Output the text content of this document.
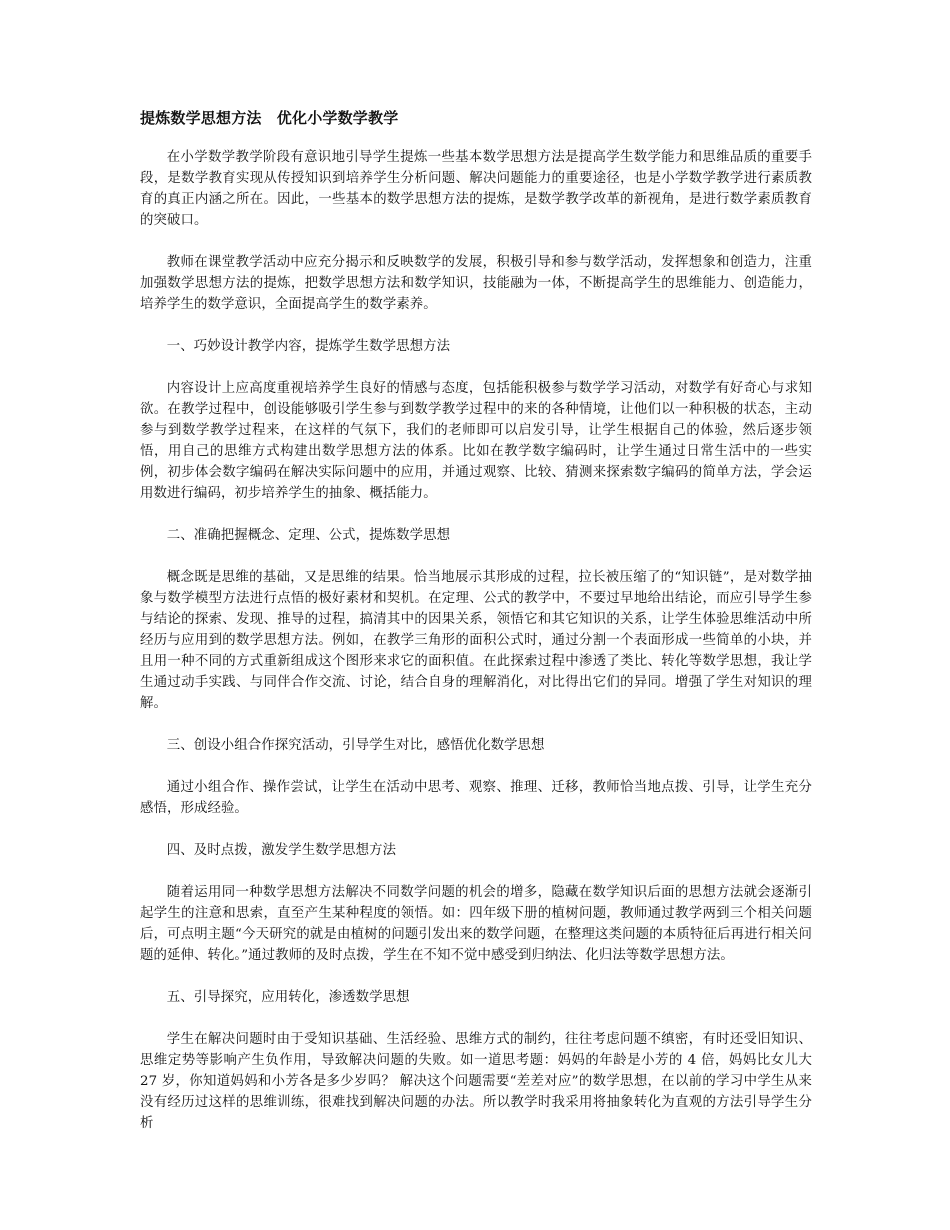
提炼数学思想方法　优化小学数学教学

在小学数学教学阶段有意识地引导学生提炼一些基本数学思想方法是提高学生数学能力和思维品质的重要手段，是数学教育实现从传授知识到培养学生分析问题、解决问题能力的重要途径，也是小学数学教学进行素质教育的真正内涵之所在。因此，一些基本的数学思想方法的提炼，是数学教学改革的新视角，是进行数学素质教育的突破口。

教师在课堂教学活动中应充分揭示和反映数学的发展，积极引导和参与数学活动，发挥想象和创造力，注重加强数学思想方法的提炼，把数学思想方法和数学知识，技能融为一体，不断提高学生的思维能力、创造能力，培养学生的数学意识，全面提高学生的数学素养。

一、巧妙设计教学内容，提炼学生数学思想方法

内容设计上应高度重视培养学生良好的情感与态度，包括能积极参与数学学习活动，对数学有好奇心与求知欲。在教学过程中，创设能够吸引学生参与到数学教学过程中的来的各种情境，让他们以一种积极的状态，主动参与到数学教学过程来，在这样的气氛下，我们的老师即可以启发引导，让学生根据自己的体验，然后逐步领悟，用自己的思维方式构建出数学思想方法的体系。比如在教学数字编码时，让学生通过日常生活中的一些实例，初步体会数字编码在解决实际问题中的应用，并通过观察、比较、猜测来探索数字编码的简单方法，学会运用数进行编码，初步培养学生的抽象、概括能力。

二、准确把握概念、定理、公式，提炼数学思想

概念既是思维的基础，又是思维的结果。恰当地展示其形成的过程，拉长被压缩了的“知识链”，是对数学抽象与数学模型方法进行点悟的极好素材和契机。在定理、公式的教学中，不要过早地给出结论，而应引导学生参与结论的探索、发现、推导的过程，搞清其中的因果关系，领悟它和其它知识的关系，让学生体验思维活动中所经历与应用到的数学思想方法。例如，在教学三角形的面积公式时，通过分割一个表面形成一些简单的小块，并且用一种不同的方式重新组成这个图形来求它的面积值。在此探索过程中渗透了类比、转化等数学思想，我让学生通过动手实践、与同伴合作交流、讨论，结合自身的理解消化，对比得出它们的异同。增强了学生对知识的理解。

三、创设小组合作探究活动，引导学生对比，感悟优化数学思想

通过小组合作、操作尝试，让学生在活动中思考、观察、推理、迁移，教师恰当地点拨、引导，让学生充分感悟，形成经验。

四、及时点拨，激发学生数学思想方法

随着运用同一种数学思想方法解决不同数学问题的机会的增多，隐藏在数学知识后面的思想方法就会逐渐引起学生的注意和思索，直至产生某种程度的领悟。如：四年级下册的植树问题，教师通过教学两到三个相关问题后，可点明主题“今天研究的就是由植树的问题引发出来的数学问题，在整理这类问题的本质特征后再进行相关问题的延伸、转化。”通过教师的及时点拨，学生在不知不觉中感受到归纳法、化归法等数学思想方法。

五、引导探究，应用转化，渗透数学思想

学生在解决问题时由于受知识基础、生活经验、思维方式的制约，往往考虑问题不缜密，有时还受旧知识、思维定势等影响产生负作用，导致解决问题的失败。如一道思考题：妈妈的年龄是小芳的 4 倍，妈妈比女儿大 27 岁，你知道妈妈和小芳各是多少岁吗？ 解决这个问题需要“差差对应”的数学思想，在以前的学习中学生从来没有经历过这样的思维训练，很难找到解决问题的办法。所以教学时我采用将抽象转化为直观的方法引导学生分析
